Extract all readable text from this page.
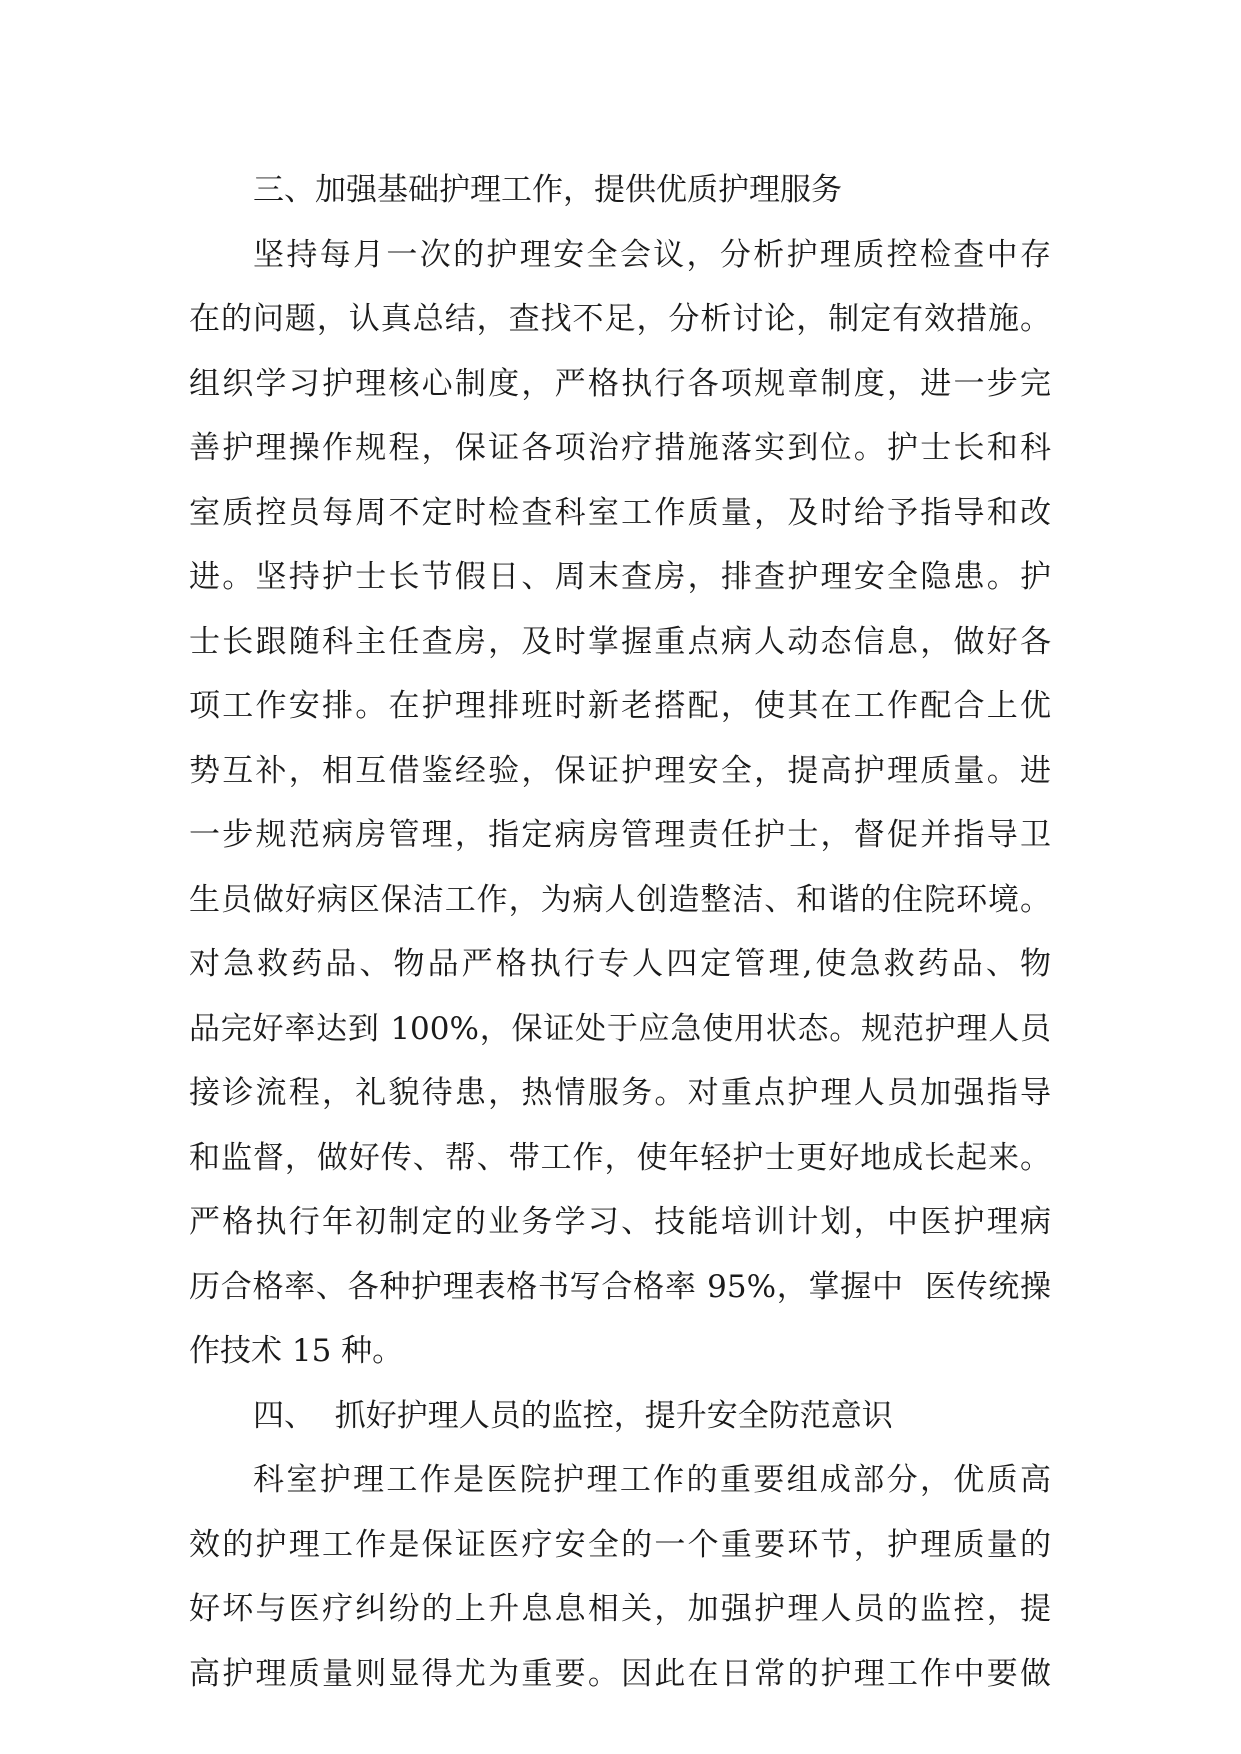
三、加强基础护理工作，提供优质护理服务
坚持每月一次的护理安全会议，分析护理质控检查中存
在的问题，认真总结，查找不足，分析讨论，制定有效措施。
组织学习护理核心制度，严格执行各项规章制度，进一步完
善护理操作规程，保证各项治疗措施落实到位。护士长和科
室质控员每周不定时检查科室工作质量，及时给予指导和改
进。坚持护士长节假日、周末查房，排查护理安全隐患。护
士长跟随科主任查房，及时掌握重点病人动态信息，做好各
项工作安排。在护理排班时新老搭配，使其在工作配合上优
势互补，相互借鉴经验，保证护理安全，提高护理质量。进
一步规范病房管理，指定病房管理责任护士，督促并指导卫
生员做好病区保洁工作，为病人创造整洁、和谐的住院环境。
对急救药品、物品严格执行专人四定管理,使急救药品、物
品完好率达到 100%，保证处于应急使用状态。规范护理人员
接诊流程，礼貌待患，热情服务。对重点护理人员加强指导
和监督，做好传、帮、带工作，使年轻护士更好地成长起来。
严格执行年初制定的业务学习、技能培训计划，中医护理病
历合格率、各种护理表格书写合格率 95%，掌握中  医传统操
作技术 15 种。
四、  抓好护理人员的监控，提升安全防范意识
科室护理工作是医院护理工作的重要组成部分，优质高
效的护理工作是保证医疗安全的一个重要环节，护理质量的
好坏与医疗纠纷的上升息息相关，加强护理人员的监控，提
高护理质量则显得尤为重要。因此在日常的护理工作中要做
